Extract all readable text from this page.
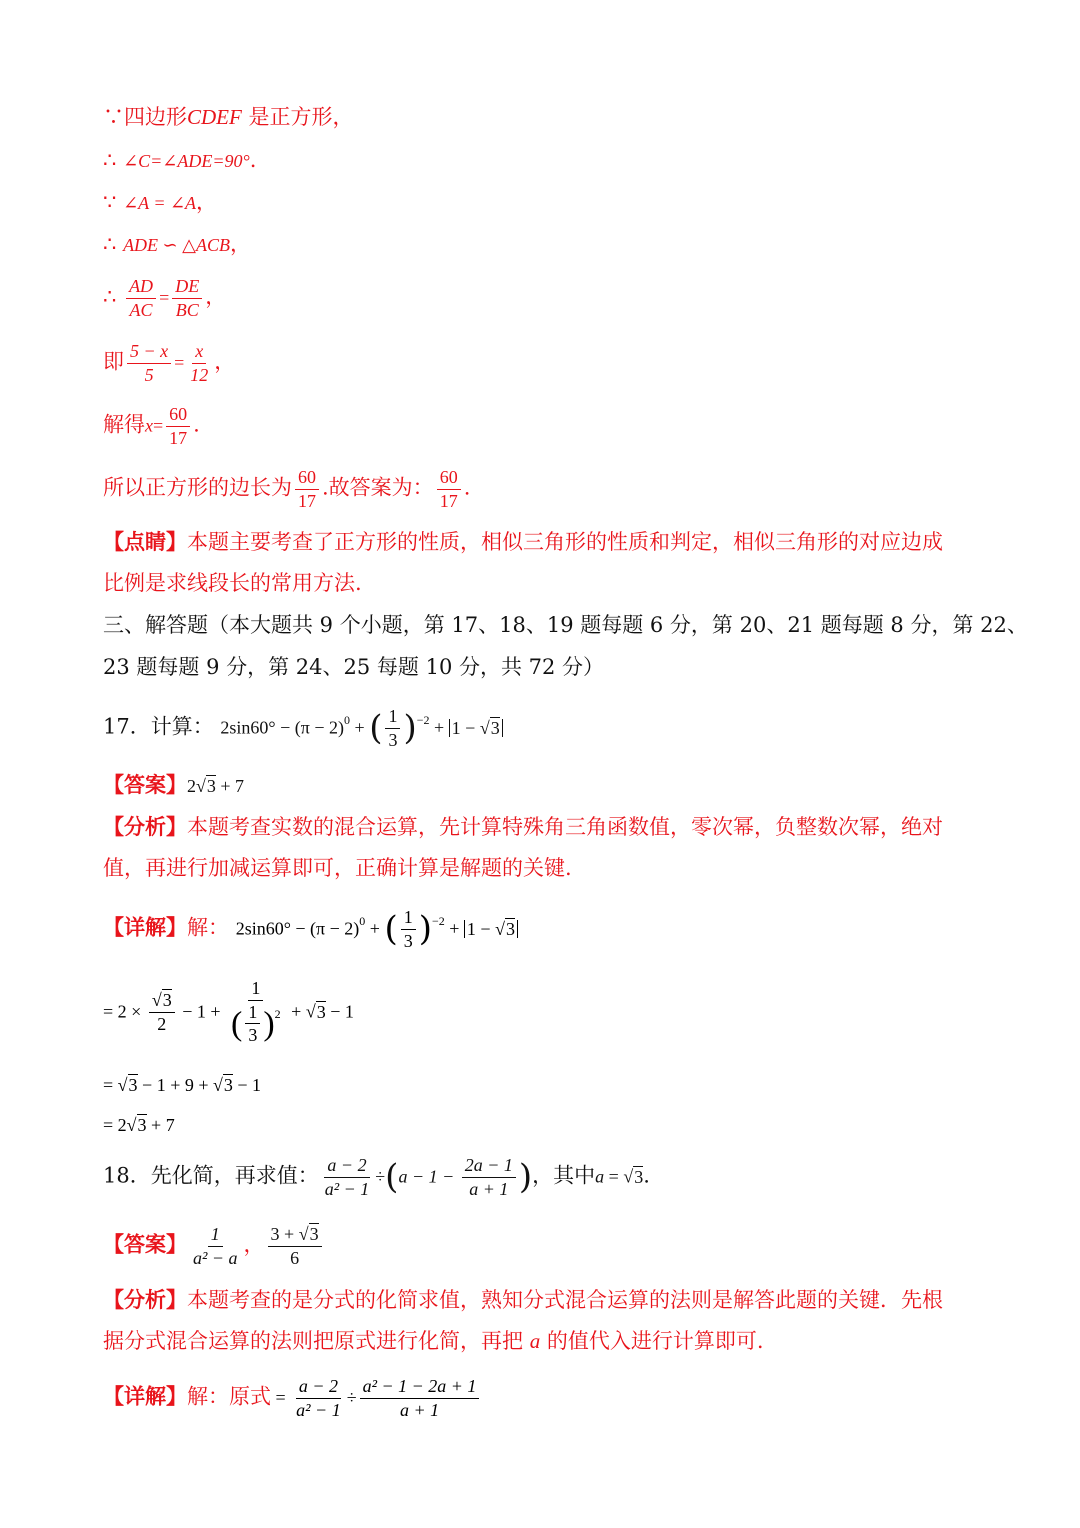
∵四边形CDEF 是正方形，
∴ ∠C=∠ADE=90°.
∵ ∠A = ∠A，
∴ ADE ∽ △ACB，
∴ $\frac{AD}{AC} = \frac{DE}{BC}$ ，
即 $\frac{5 - x}{5} = \frac{x}{12}$ ，
解得$x= \frac{60}{17}$ .
所以正方形的边长为 $\frac{60}{17}$ .故答案为： $\frac{60}{17}$ .
【点睛】本题主要考查了正方形的性质，相似三角形的性质和判定，相似三角形的对应边成
比例是求线段长的常用方法.
三、解答题（本大题共 9 个小题，第 17、18、19 题每题 6 分，第 20、21 题每题 8 分，第 22、
23 题每题 9 分，第 24、25 每题 10 分，共 72 分）
17．计算： $2\sin 60^\circ - (\pi - 2)^0$ + ( $\frac{1}{3} )^{-2} + 1 - √3$
【答案】2√3 + 7
【分析】本题考查实数的混合运算，先计算特殊角三角函数值，零次幂，负整数次幂，绝对
值，再进行加减运算即可，正确计算是解题的关键.
【详解】解： $2\sin 60^\circ - (\pi - 2)^0$ + ( $\frac{1}{3} )^{-2} + 1 - √3$
= $2 \times \frac{√3}{2} - 1 + \frac{1}{( \frac{1}{3} )^2} + √3 - 1$
= √3 − 1 + 9 + √3 − 1
= 2√3 + 7
18．先化简，再求值： $\frac{a - 2}{\text{a² − 1}} \div(a - 1 - \frac{2a - 1}{a + 1}$ )，其中a = √3.
【答案】 $\frac{1}{\text{a² − a}}$ ， $\frac{3 + √3}{6}$
【分析】本题考查的是分式的化简求值，熟知分式混合运算的法则是解答此题的关键．先根
据分式混合运算的法则把原式进行化简，再把 a 的值代入进行计算即可.
【详解】解：原式 = $\frac{a - 2}{\text{a² − 1}} \div \frac{\text{a² − 1 − 2a + 1}}{a + 1}$
